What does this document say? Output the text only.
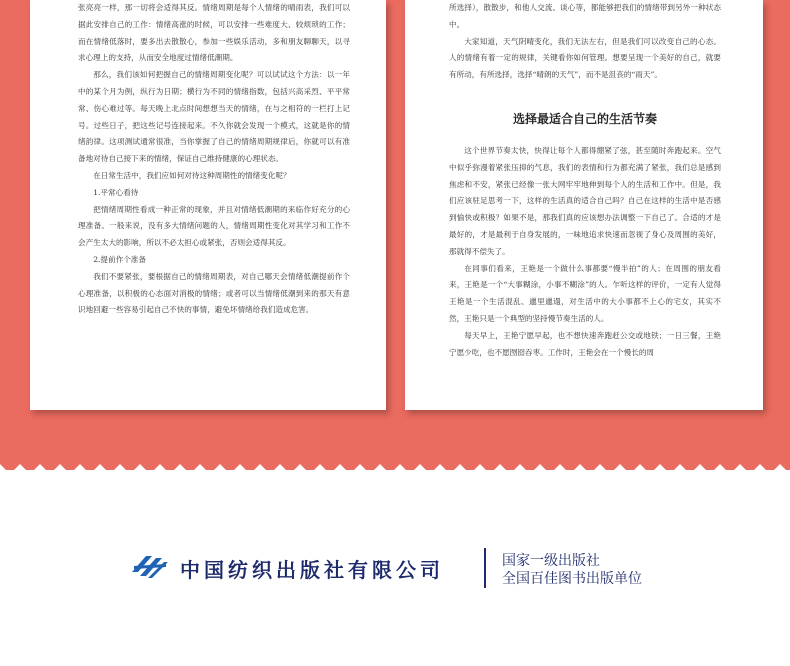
张亮亮一样，那一切将会适得其反。情绪周期是每个人情绪的晴雨表，我们可以据此安排自己的工作：情绪高涨的时候，可以安排一些难度大、较烦琐的工作；而在情绪低落时，要多出去散散心，参加一些娱乐活动，多和朋友聊聊天，以寻求心理上的支持，从而安全地度过情绪低潮期。

那么，我们该如何把握自己的情绪周期变化呢？可以试试这个方法：以一年中的某个月为例，纵行为日期；横行为不同的情绪指数，包括兴高采烈、平平常常、伤心难过等。每天晚上北点时间想想当天的情绪，在与之相符的一栏打上记号。过些日子，把这些记号连接起来。不久你就会发现一个模式，这就是你的情绪韵律。这项测试通常很准，当你掌握了自己的情绪周期规律后，你就可以有准备地对待自己接下来的情绪，保证自己维持健康的心理状态。

在日常生活中，我们应如何对待这种周期性的情绪变化呢？

1.平常心看待

把情绪周期性看成一种正常的现象，并且对情绪低潮期的来临作好充分的心理准备。一般来说，没有多大情绪问题的人，情绪周期性变化对其学习和工作不会产生太大的影响，所以不必太担心或紧张，否则会适得其反。

2.提前作个准备

我们不要紧张，要根据自己的情绪周期表，对自己哪天会情绪低潮提前作个心理准备，以积极的心态面对消极的情绪；或者可以当情绪低潮到来的那天有意识地回避一些容易引起自己不快的事情，避免坏情绪给我们造成危害。

所选择），散散步，和他人交流、谈心等，都能够把我们的情绪带到另外一种状态中。

大家知道，天气阴晴变化，我们无法左右，但是我们可以改变自己的心态。人的情绪有着一定的规律，关键看你如何管理。想要呈现一个美好的自己，就要有所动，有所选择，选择“晴朗的天气”，而不是沮丧的“雨天”。

选择最适合自己的生活节奏

这个世界节奏太快，快得让每个人都得绷紧了弦，甚至随时奔跑起来。空气中似乎弥漫着紧张压抑的气息，我们的表情和行为都充满了紧张，我们总是感到焦虑和不安，紧张已经像一张大网牢牢地伸到每个人的生活和工作中。但是，我们应该驻足思考一下，这样的生活真的适合自己吗？自己在这样的生活中是否感到愉快或积极？如果不是，那我们真的应该想办法调整一下自己了。合适的才是最好的，才是最利于自身发展的，一味地追求快速而忽视了身心及周围的美好，那就得不偿失了。

在同事们看来，王艳是一个做什么事都要“慢半拍”的人；在周围的朋友看来，王艳是一个“大事糊涂，小事不糊涂”的人。乍听这样的评价，一定有人觉得王艳是一个生活混乱、邋里邋遢，对生活中的大小事都不上心的宅女，其实不然，王艳只是一个典型的坚持慢节奏生活的人。

每天早上，王艳宁愿早起，也不想快速奔跑赶公交或地铁；一日三餐，王艳宁愿少吃，也不愿囫囵吞枣。工作时，王艳会在一个慢长的周

中国纺织出版社有限公司	国家一级出版社
全国百佳图书出版单位
